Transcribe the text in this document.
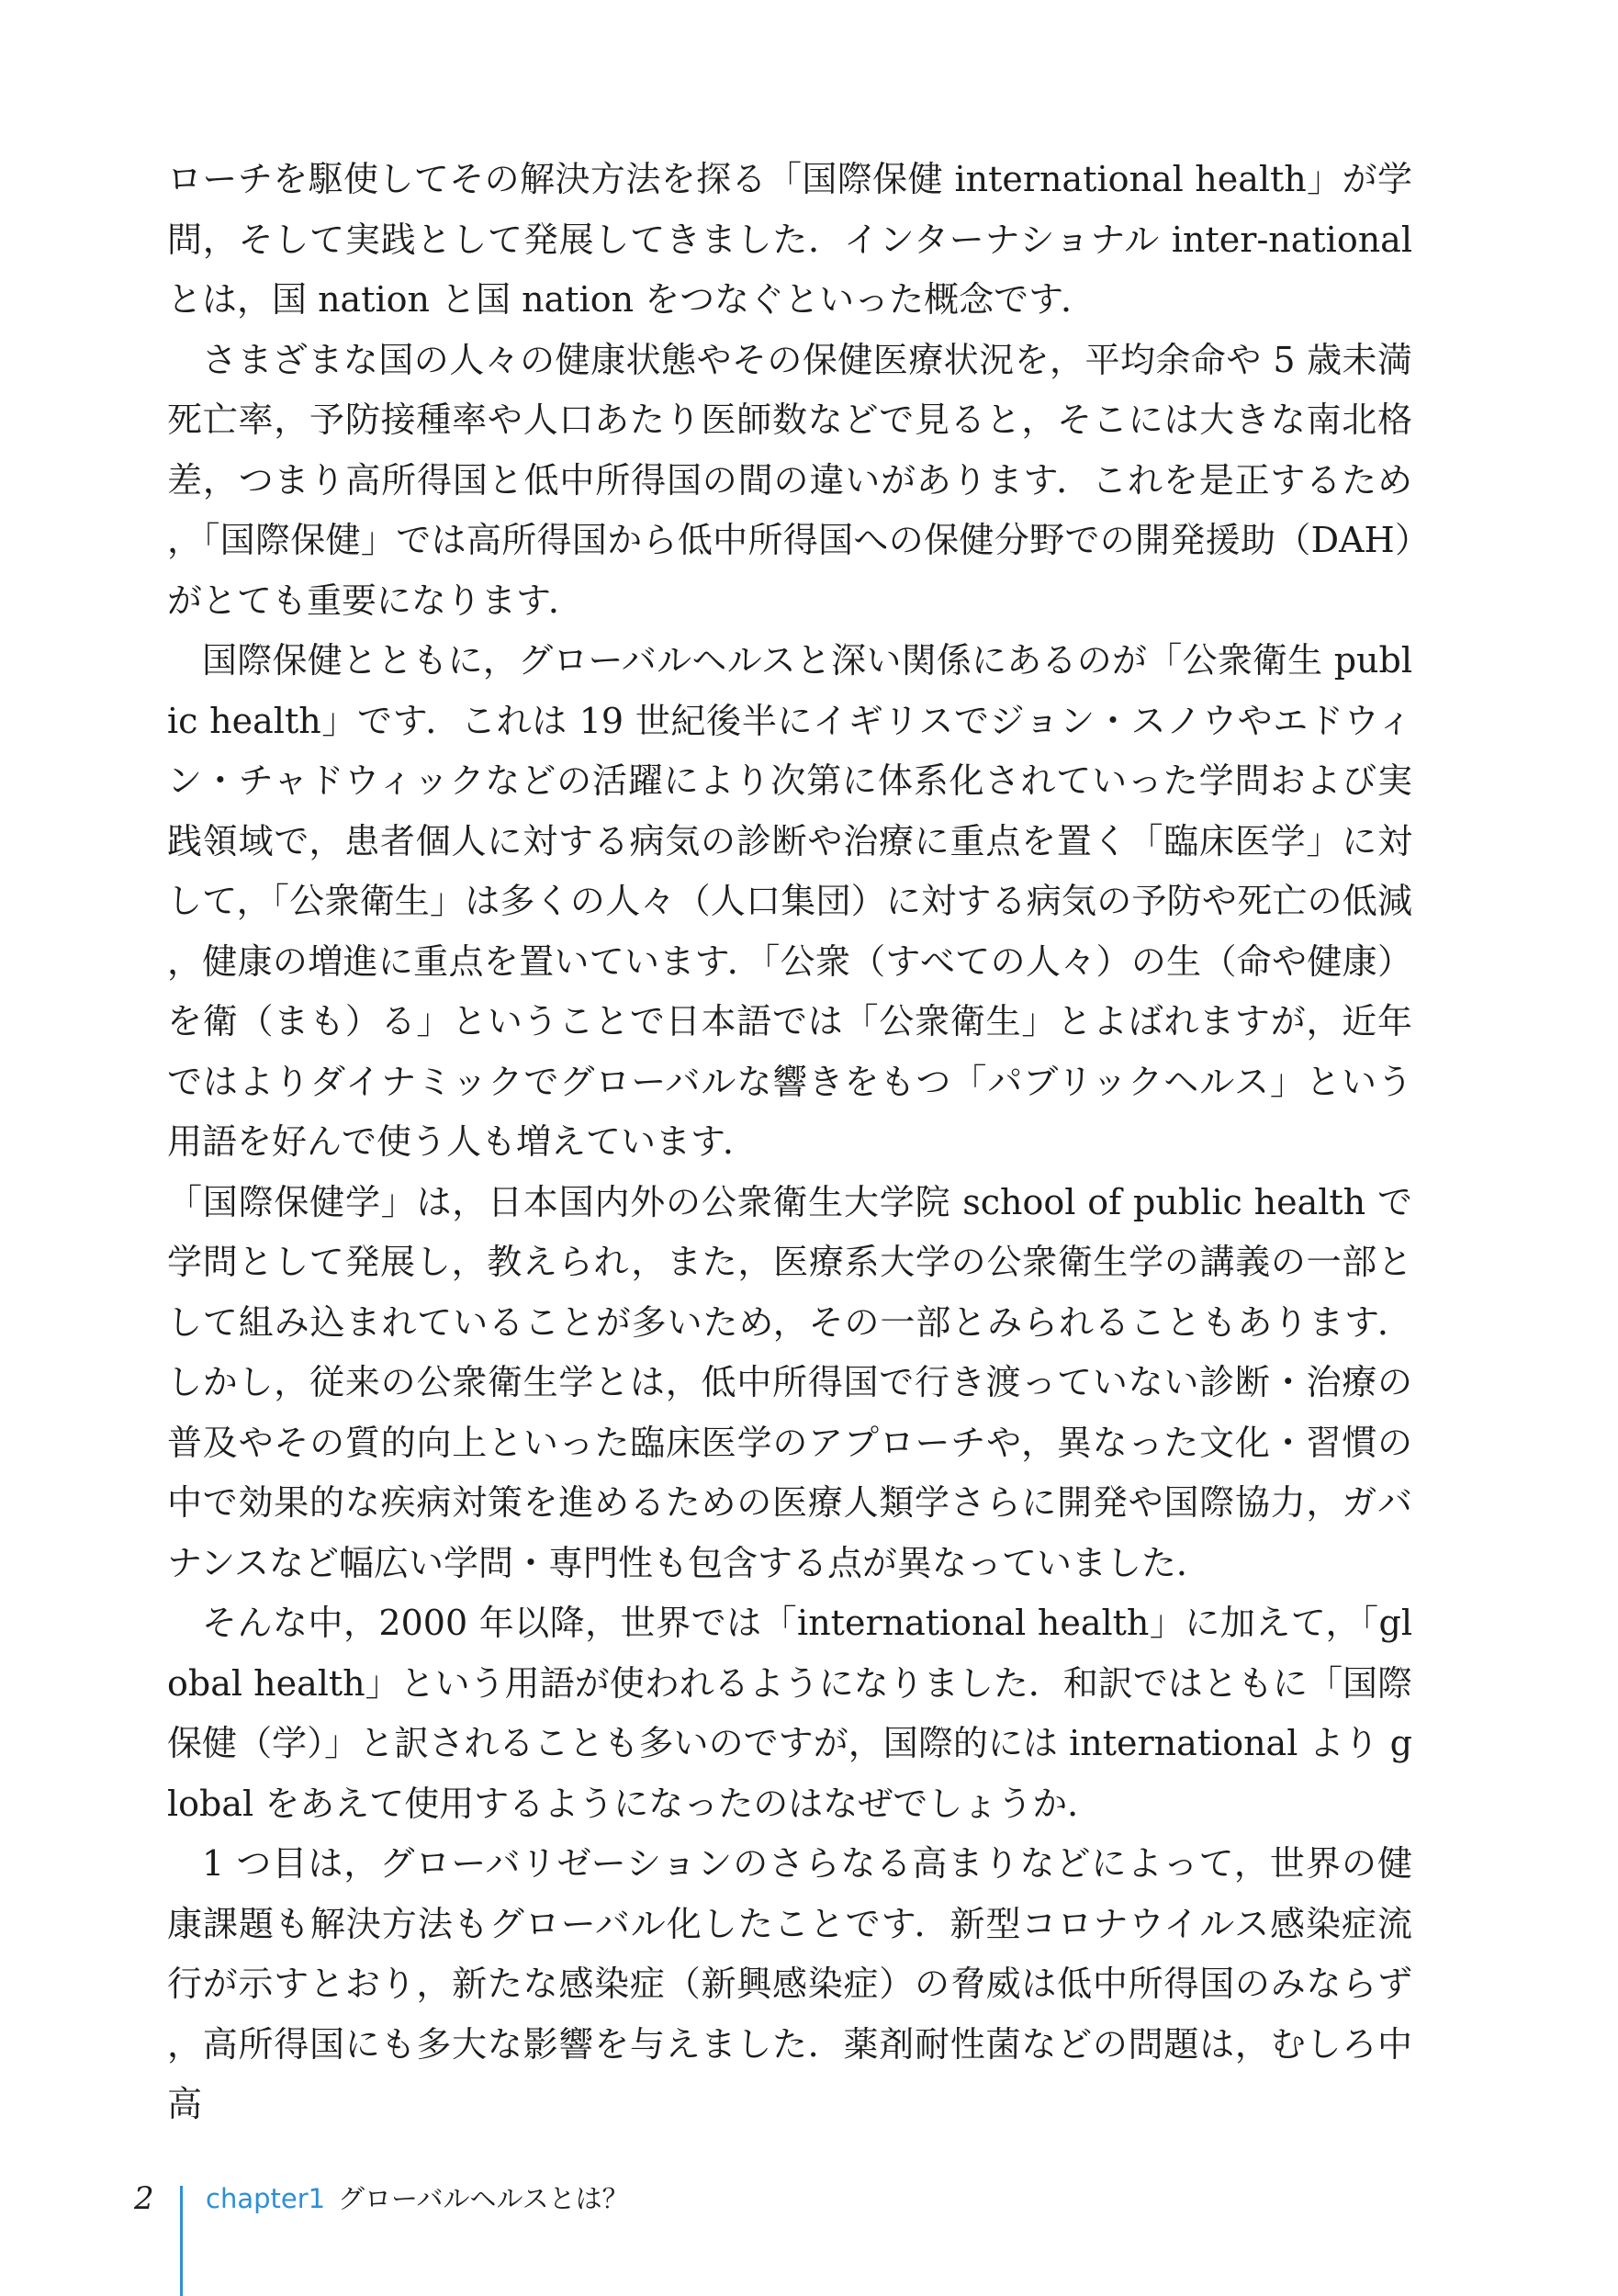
ローチを駆使してその解決方法を探る「国際保健 international health」が学問，そして実践として発展してきました．インターナショナル inter-national とは，国 nation と国 nation をつなぐといった概念です．

さまざまな国の人々の健康状態やその保健医療状況を，平均余命や 5 歳未満死亡率，予防接種率や人口あたり医師数などで見ると，そこには大きな南北格差，つまり高所得国と低中所得国の間の違いがあります．これを是正するため，「国際保健」では高所得国から低中所得国への保健分野での開発援助（DAH）がとても重要になります．

国際保健とともに，グローバルヘルスと深い関係にあるのが「公衆衛生 public health」です．これは 19 世紀後半にイギリスでジョン・スノウやエドウィン・チャドウィックなどの活躍により次第に体系化されていった学問および実践領域で，患者個人に対する病気の診断や治療に重点を置く「臨床医学」に対して，「公衆衛生」は多くの人々（人口集団）に対する病気の予防や死亡の低減，健康の増進に重点を置いています．「公衆（すべての人々）の生（命や健康）を衛（まも）る」ということで日本語では「公衆衛生」とよばれますが，近年ではよりダイナミックでグローバルな響きをもつ「パブリックヘルス」という用語を好んで使う人も増えています．

「国際保健学」は，日本国内外の公衆衛生大学院 school of public health で学問として発展し，教えられ，また，医療系大学の公衆衛生学の講義の一部として組み込まれていることが多いため，その一部とみられることもあります．しかし，従来の公衆衛生学とは，低中所得国で行き渡っていない診断・治療の普及やその質的向上といった臨床医学のアプローチや，異なった文化・習慣の中で効果的な疾病対策を進めるための医療人類学さらに開発や国際協力，ガバナンスなど幅広い学問・専門性も包含する点が異なっていました．

そんな中，2000 年以降，世界では「international health」に加えて，「global health」という用語が使われるようになりました．和訳ではともに「国際保健（学）」と訳されることも多いのですが，国際的には international より global をあえて使用するようになったのはなぜでしょうか．

1 つ目は，グローバリゼーションのさらなる高まりなどによって，世界の健康課題も解決方法もグローバル化したことです．新型コロナウイルス感染症流行が示すとおり，新たな感染症（新興感染症）の脅威は低中所得国のみならず，高所得国にも多大な影響を与えました．薬剤耐性菌などの問題は，むしろ中高

2 chapter1 グローバルヘルスとは？
